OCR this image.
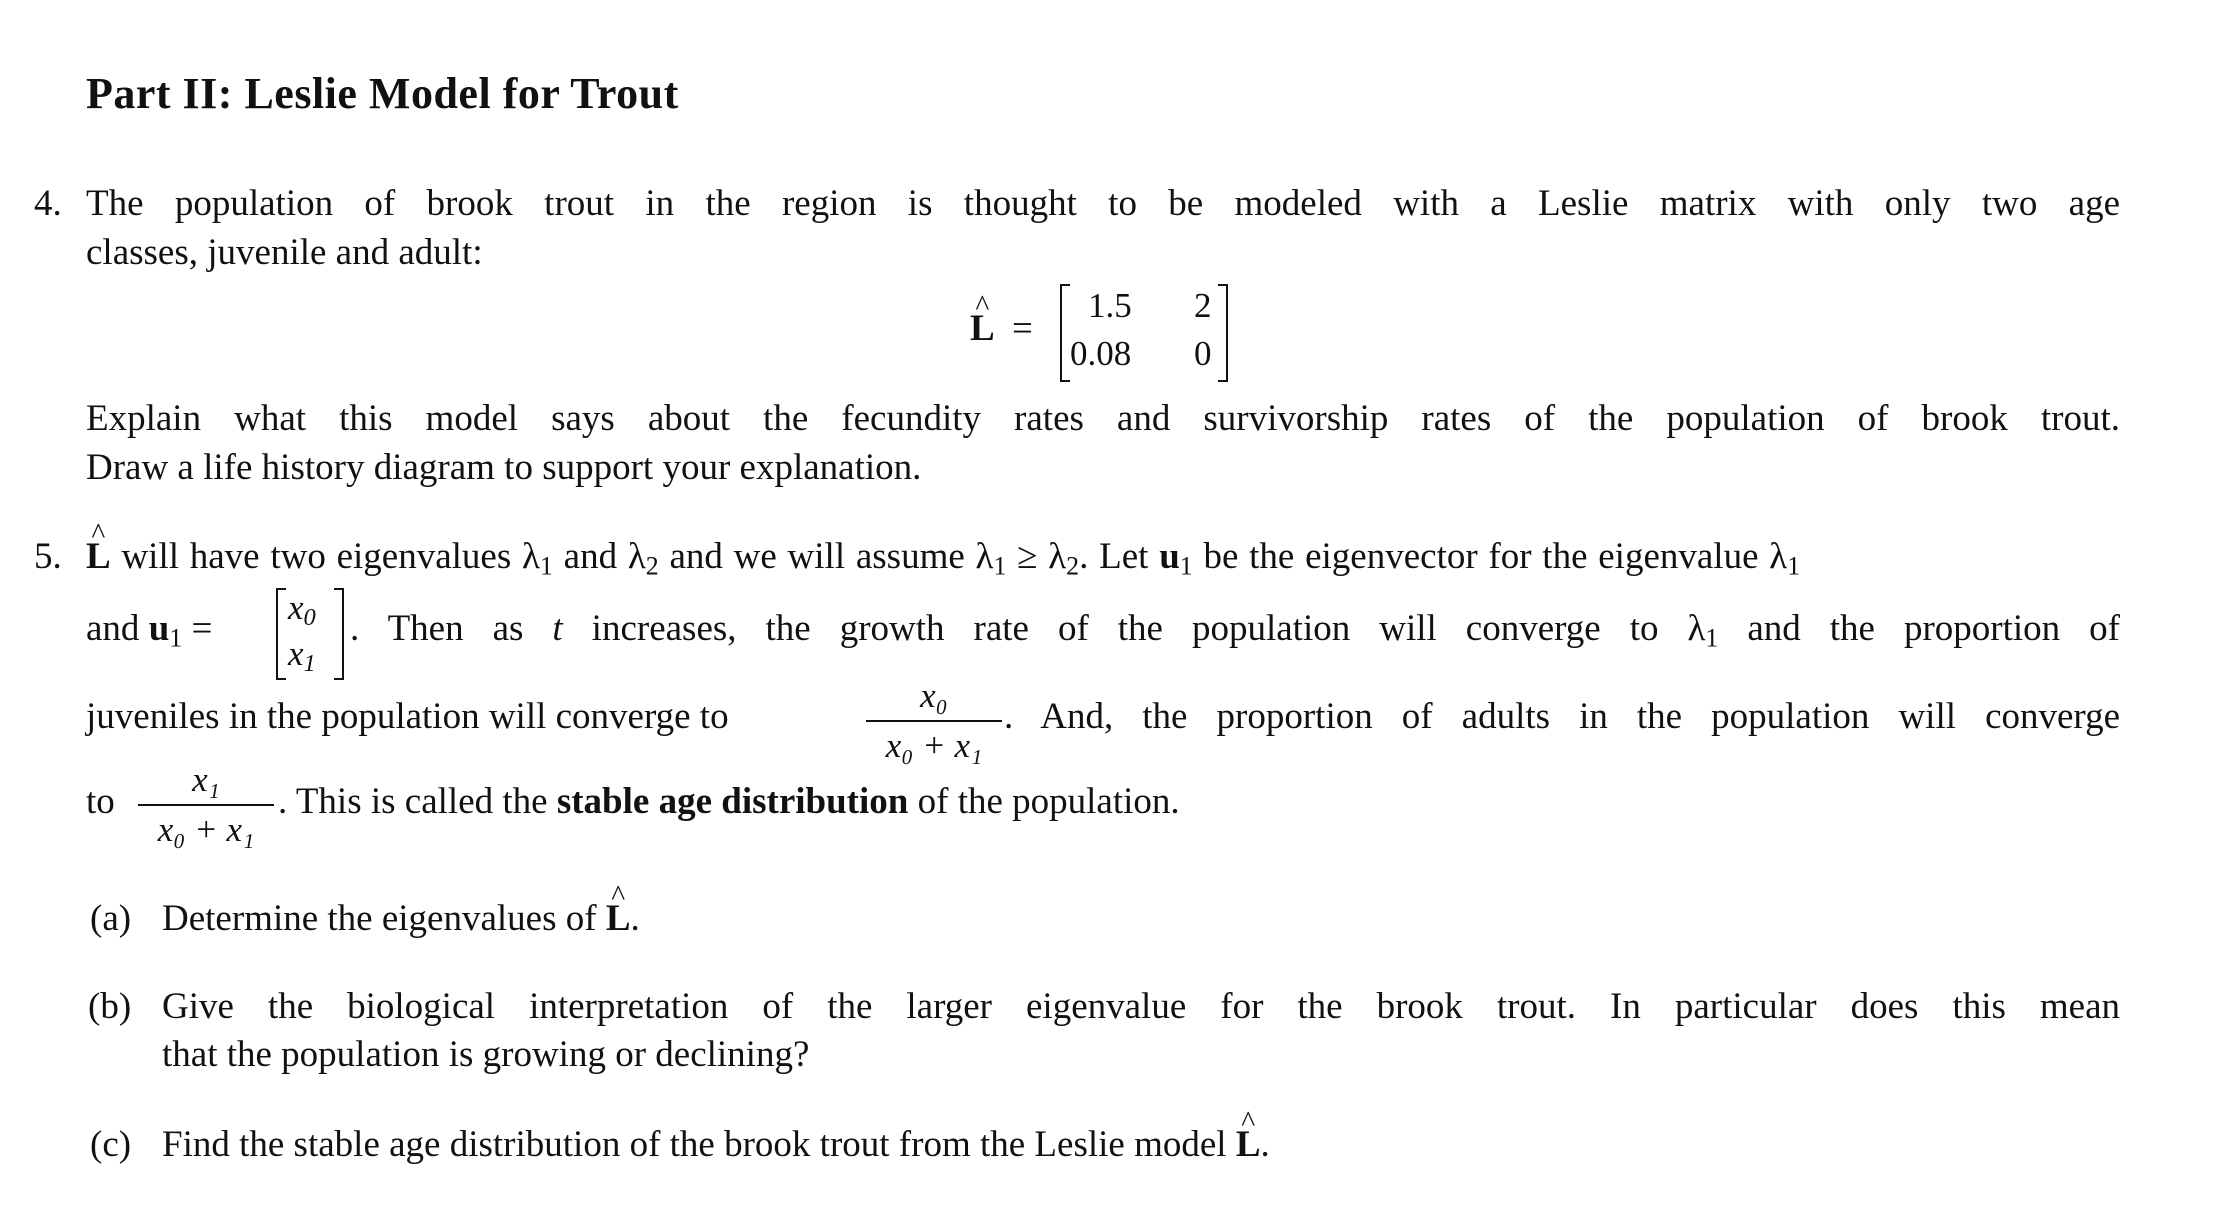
Part II: Leslie Model for Trout
4. The population of brook trout in the region is thought to be modeled with a Leslie matrix with only two age
classes, juvenile and adult:
^ L =
1.5 2
0.08 0
Explain what this model says about the fecundity rates and survivorship rates of the population of brook trout.
Draw a life history diagram to support your explanation.
5. ^ L will have two eigenvalues $\lambda_1$ and $\lambda_2$ and we will assume $\lambda_1 \ge \lambda_2$. Let $u_1$ be the eigenvector for the eigenvalue $\lambda_1$
and $u_1$ =
$x_0$
$x_1$
. Then as t increases, the growth rate of the population will converge to $\lambda_1$ and the proportion of
juveniles in the population will converge to
x₀
x₀ + x₁
. And, the proportion of adults in the population will converge
to
x₁
x₀ + x₁
. This is called the stable age distribution of the population.
(a) Determine the eigenvalues of ^ L.
(b) Give the biological interpretation of the larger eigenvalue for the brook trout. In particular does this mean
that the population is growing or declining?
(c) Find the stable age distribution of the brook trout from the Leslie model ^ L.
